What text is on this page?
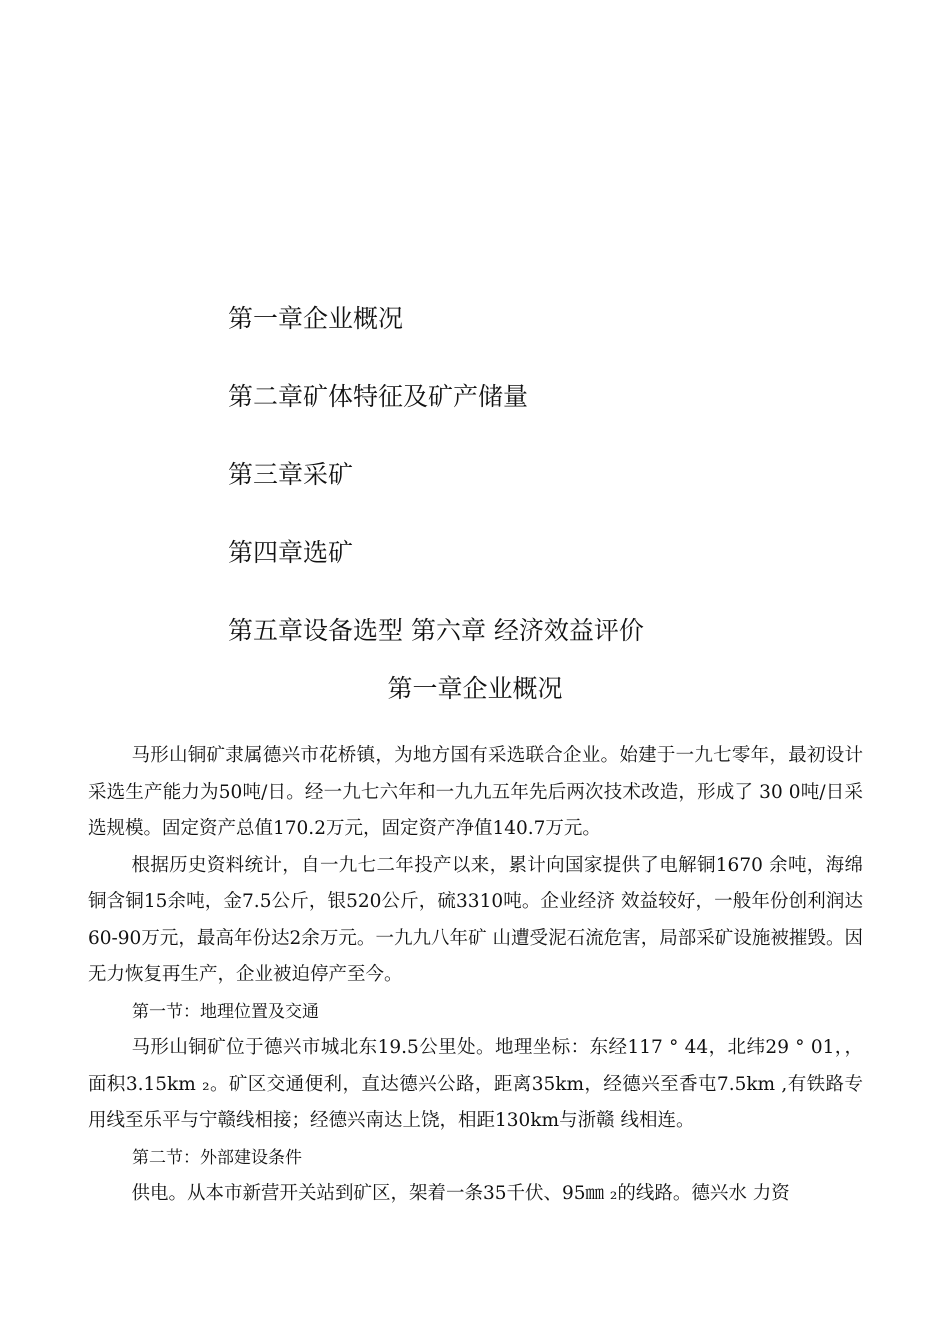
第一章企业概况
第二章矿体特征及矿产储量
第三章采矿
第四章选矿
第五章设备选型 第六章 经济效益评价
第一章企业概况

马形山铜矿隶属德兴市花桥镇，为地方国有采选联合企业。始建于一九七零年，最初设计采选生产能力为50吨/日。经一九七六年和一九九五年先后两次技术改造，形成了 30 0吨/日采选规模。固定资产总值170.2万元，固定资产净值140.7万元。

根据历史资料统计，自一九七二年投产以来，累计向国家提供了电解铜1670 余吨，海绵铜含铜15余吨，金7.5公斤，银520公斤，硫3310吨。企业经济 效益较好，一般年份创利润达60-90万元，最高年份达2余万元。一九九八年矿 山遭受泥石流危害，局部采矿设施被摧毁。因无力恢复再生产，企业被迫停产至今。

第一节：地理位置及交通

马形山铜矿位于德兴市城北东19.5公里处。地理坐标：东经117 ° 44，北纬29 ° 01，，面积3.15km ₂。矿区交通便利，直达德兴公路，距离35km，经德兴至香屯7.5km ,有铁路专用线至乐平与宁赣线相接；经德兴南达上饶，相距130km与浙赣 线相连。

第二节：外部建设条件

供电。从本市新营开关站到矿区，架着一条35千伏、95㎜ ₂的线路。德兴水 力资
